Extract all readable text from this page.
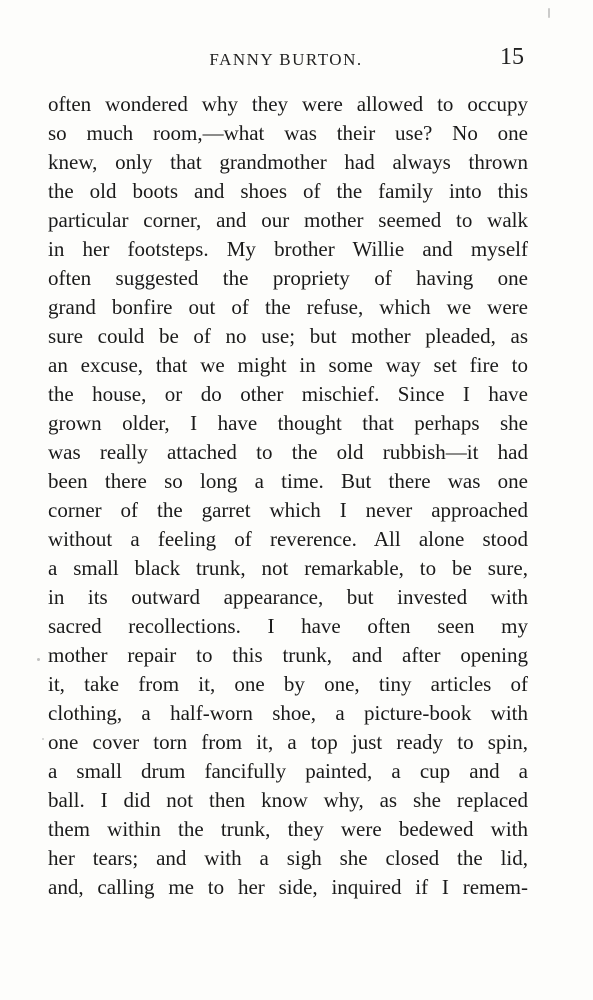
FANNY BURTON.	15
often wondered why they were allowed to occupy
so much room,—what was their use? No one
knew, only that grandmother had always thrown
the old boots and shoes of the family into this
particular corner, and our mother seemed to walk
in her footsteps. My brother Willie and myself
often suggested the propriety of having one
grand bonfire out of the refuse, which we were
sure could be of no use; but mother pleaded, as
an excuse, that we might in some way set fire to
the house, or do other mischief. Since I have
grown older, I have thought that perhaps she
was really attached to the old rubbish—it had
been there so long a time. But there was one
corner of the garret which I never approached
without a feeling of reverence. All alone stood
a small black trunk, not remarkable, to be sure,
in its outward appearance, but invested with
sacred recollections. I have often seen my
mother repair to this trunk, and after opening
it, take from it, one by one, tiny articles of
clothing, a half-worn shoe, a picture-book with
one cover torn from it, a top just ready to spin,
a small drum fancifully painted, a cup and a
ball. I did not then know why, as she replaced
them within the trunk, they were bedewed with
her tears; and with a sigh she closed the lid,
and, calling me to her side, inquired if I remem-
